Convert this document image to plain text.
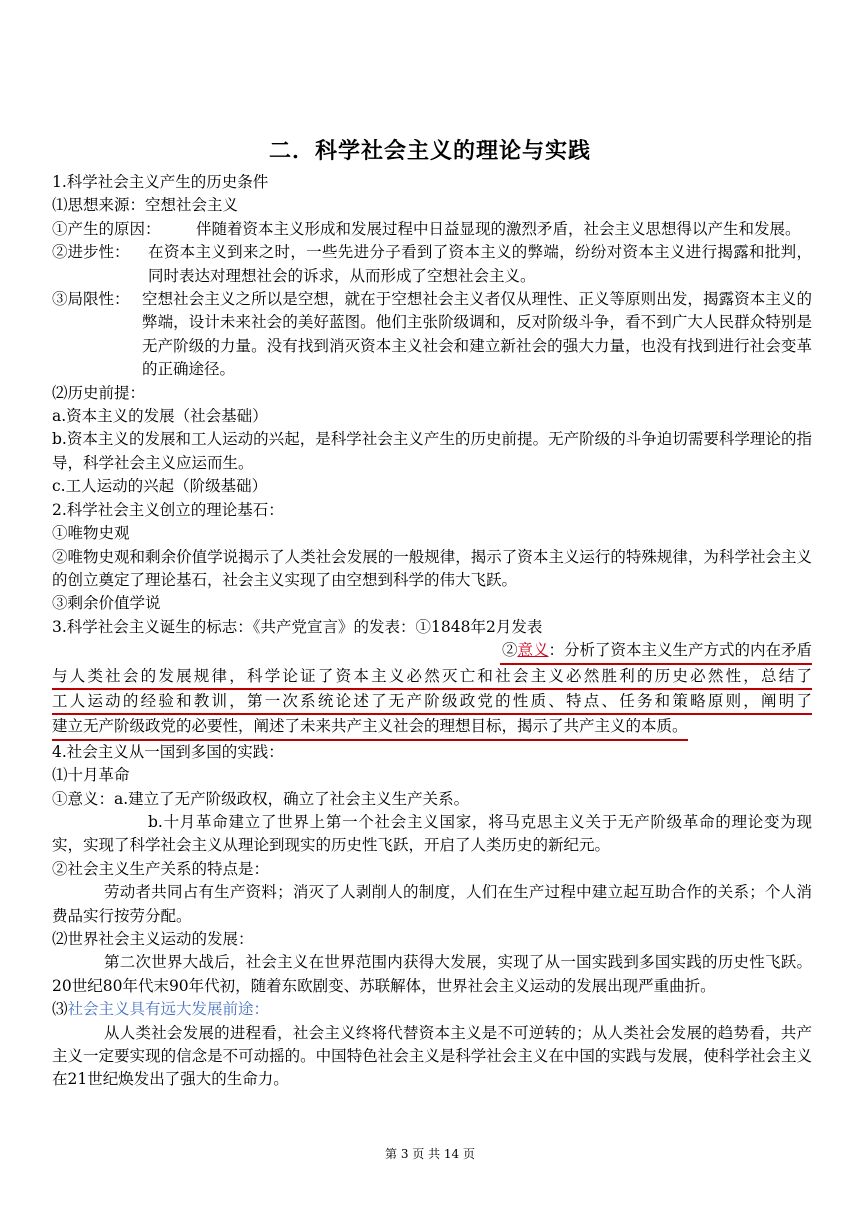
二．科学社会主义的理论与实践
1.科学社会主义产生的历史条件
⑴思想来源：空想社会主义
①产生的原因：	伴随着资本主义形成和发展过程中日益显现的激烈矛盾，社会主义思想得以产生和发展。
②进步性：	在资本主义到来之时，一些先进分子看到了资本主义的弊端，纷纷对资本主义进行揭露和批判，同时表达对理想社会的诉求，从而形成了空想社会主义。
③局限性： 空想社会主义之所以是空想，就在于空想社会主义者仅从理性、正义等原则出发，揭露资本主义的弊端，设计未来社会的美好蓝图。他们主张阶级调和，反对阶级斗争，看不到广大人民群众特别是无产阶级的力量。没有找到消灭资本主义社会和建立新社会的强大力量，也没有找到进行社会变革的正确途径。
⑵历史前提：
a.资本主义的发展（社会基础）
b.资本主义的发展和工人运动的兴起，是科学社会主义产生的历史前提。无产阶级的斗争迫切需要科学理论的指导，科学社会主义应运而生。
c.工人运动的兴起（阶级基础）
2.科学社会主义创立的理论基石：
①唯物史观
②唯物史观和剩余价值学说揭示了人类社会发展的一般规律，揭示了资本主义运行的特殊规律，为科学社会主义的创立奠定了理论基石，社会主义实现了由空想到科学的伟大飞跃。
③剩余价值学说
3.科学社会主义诞生的标志：《共产党宣言》的发表：①1848年2月发表
②意义：分析了资本主义生产方式的内在矛盾
与人类社会的发展规律，科学论证了资本主义必然灭亡和社会主义必然胜利的历史必然性，总结了
工人运动的经验和教训，第一次系统论述了无产阶级政党的性质、特点、任务和策略原则，阐明了
建立无产阶级政党的必要性，阐述了未来共产主义社会的理想目标，揭示了共产主义的本质。
4.社会主义从一国到多国的实践：
⑴十月革命
①意义：a.建立了无产阶级政权，确立了社会主义生产关系。
b.十月革命建立了世界上第一个社会主义国家，将马克思主义关于无产阶级革命的理论变为现实，实现了科学社会主义从理论到现实的历史性飞跃，开启了人类历史的新纪元。
②社会主义生产关系的特点是：
劳动者共同占有生产资料；消灭了人剥削人的制度，人们在生产过程中建立起互助合作的关系；个人消费品实行按劳分配。
⑵世界社会主义运动的发展：
第二次世界大战后，社会主义在世界范围内获得大发展，实现了从一国实践到多国实践的历史性飞跃。20世纪80年代末90年代初，随着东欧剧变、苏联解体，世界社会主义运动的发展出现严重曲折。
⑶社会主义具有远大发展前途：
从人类社会发展的进程看，社会主义终将代替资本主义是不可逆转的；从人类社会发展的趋势看，共产主义一定要实现的信念是不可动摇的。中国特色社会主义是科学社会主义在中国的实践与发展，使科学社会主义在21世纪焕发出了强大的生命力。
第 3 页 共 14 页
